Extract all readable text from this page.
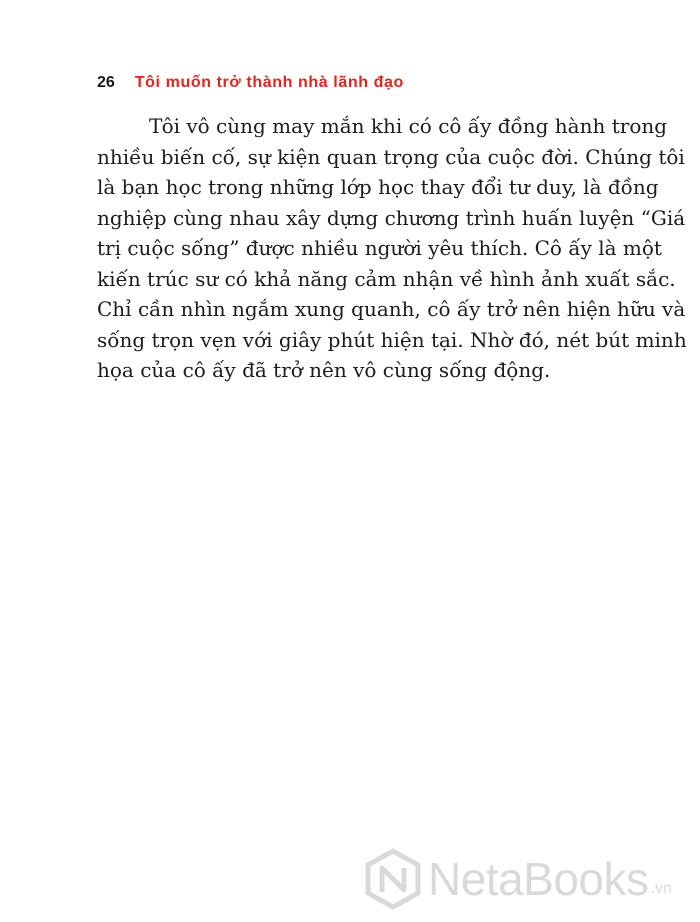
26 Tôi muốn trở thành nhà lãnh đạo
Tôi vô cùng may mắn khi có cô ấy đồng hành trong
nhiều biến cố, sự kiện quan trọng của cuộc đời. Chúng tôi
là bạn học trong những lớp học thay đổi tư duy, là đồng
nghiệp cùng nhau xây dựng chương trình huấn luyện “Giá
trị cuộc sống” được nhiều người yêu thích. Cô ấy là một
kiến trúc sư có khả năng cảm nhận về hình ảnh xuất sắc.
Chỉ cần nhìn ngắm xung quanh, cô ấy trở nên hiện hữu và
sống trọn vẹn với giây phút hiện tại. Nhờ đó, nét bút minh
họa của cô ấy đã trở nên vô cùng sống động.
NetaBooks .vn
